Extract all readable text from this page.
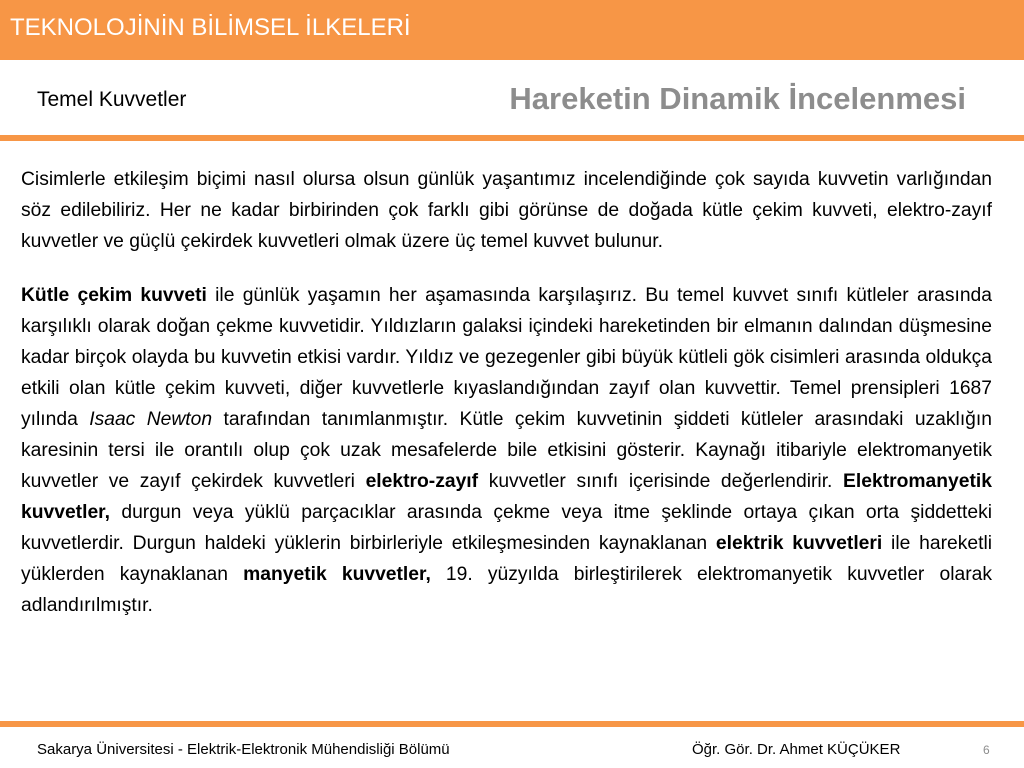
TEKNOLOJİNİN BİLİMSEL İLKELERİ
Temel Kuvvetler	Hareketin Dinamik İncelenmesi

Cisimlerle etkileşim biçimi nasıl olursa olsun günlük yaşantımız incelendiğinde çok sayıda kuvvetin varlığından söz edilebiliriz. Her ne kadar birbirinden çok farklı gibi görünse de doğada kütle çekim kuvveti, elektro-zayıf kuvvetler ve güçlü çekirdek kuvvetleri olmak üzere üç temel kuvvet bulunur.

Kütle çekim kuvveti ile günlük yaşamın her aşamasında karşılaşırız. Bu temel kuvvet sınıfı kütleler arasında karşılıklı olarak doğan çekme kuvvetidir. Yıldızların galaksi içindeki hareketinden bir elmanın dalından düşmesine kadar birçok olayda bu kuvvetin etkisi vardır. Yıldız ve gezegenler gibi büyük kütleli gök cisimleri arasında oldukça etkili olan kütle çekim kuvveti, diğer kuvvetlerle kıyaslandığından zayıf olan kuvvettir. Temel prensipleri 1687 yılında Isaac Newton tarafından tanımlanmıştır. Kütle çekim kuvvetinin şiddeti kütleler arasındaki uzaklığın karesinin tersi ile orantılı olup çok uzak mesafelerde bile etkisini gösterir. Kaynağı itibariyle elektromanyetik kuvvetler ve zayıf çekirdek kuvvetleri elektro-zayıf kuvvetler sınıfı içerisinde değerlendirir. Elektromanyetik kuvvetler, durgun veya yüklü parçacıklar arasında çekme veya itme şeklinde ortaya çıkan orta şiddetteki kuvvetlerdir. Durgun haldeki yüklerin birbirleriyle etkileşmesinden kaynaklanan elektrik kuvvetleri ile hareketli yüklerden kaynaklanan manyetik kuvvetler, 19. yüzyılda birleştirilerek elektromanyetik kuvvetler olarak adlandırılmıştır.

Sakarya Üniversitesi - Elektrik-Elektronik Mühendisliği Bölümü	Öğr. Gör. Dr. Ahmet KÜÇÜKER	6
